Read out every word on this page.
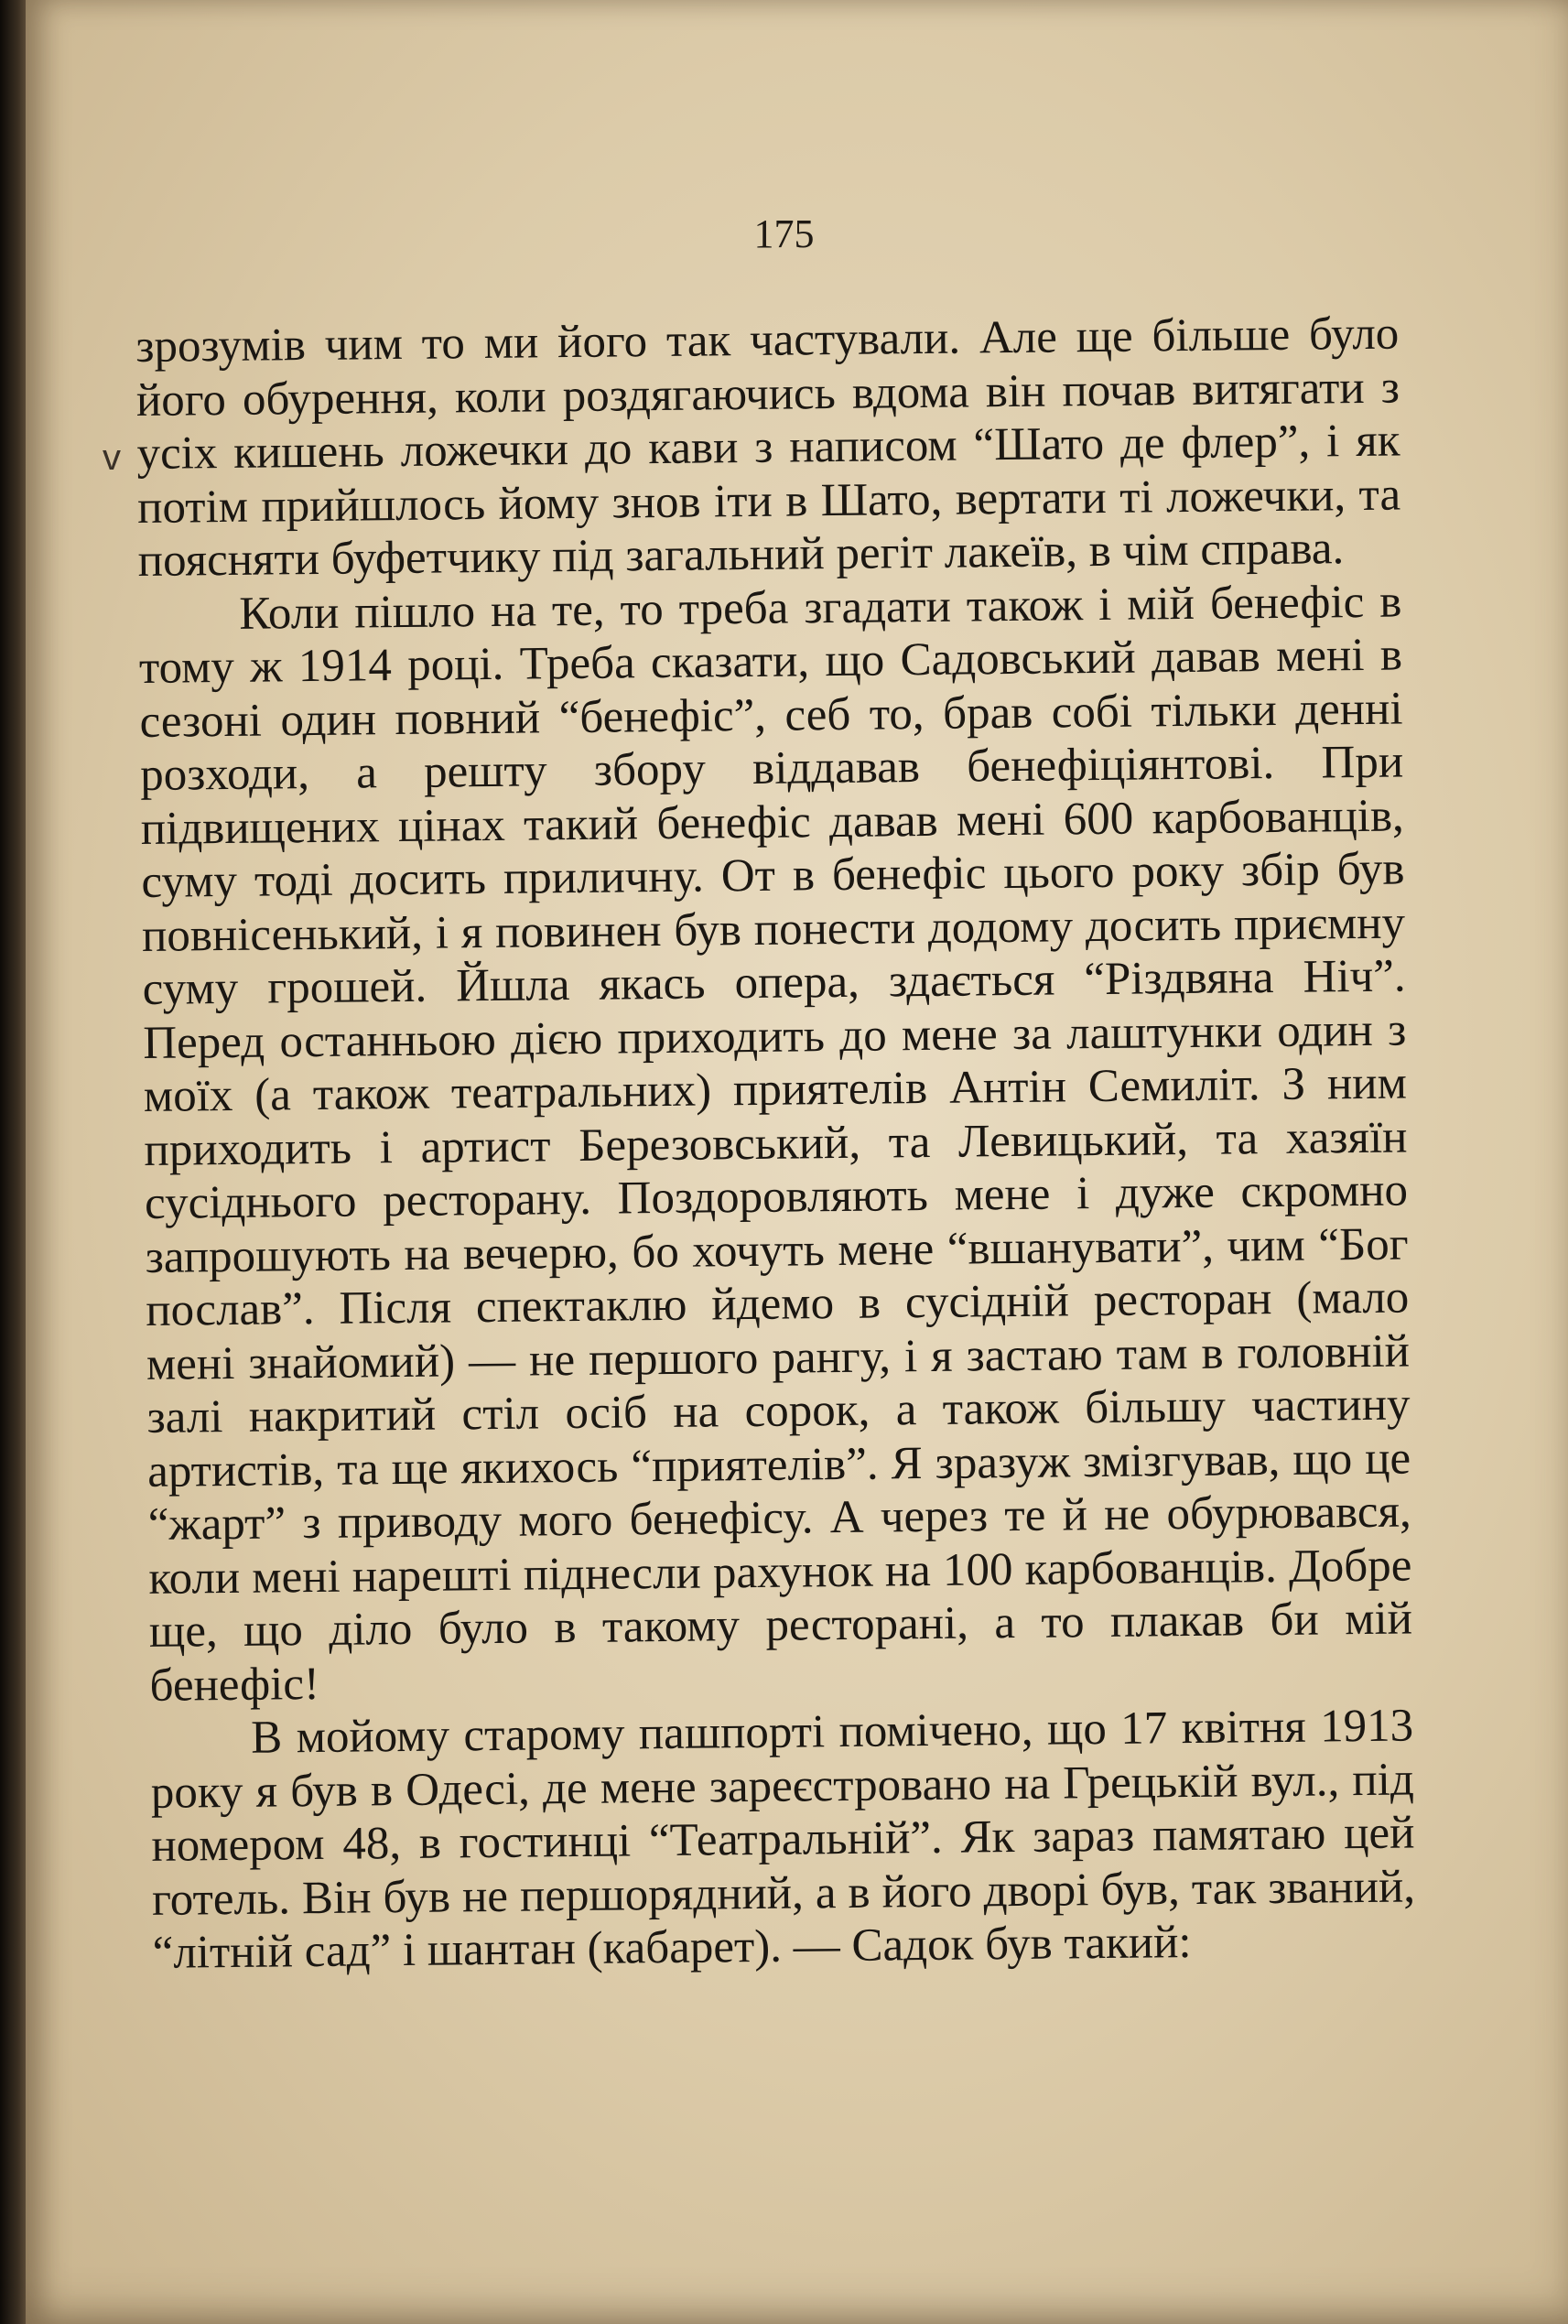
175
v

зрозумів чим то ми його так частували. Але ще більше було його обурення, коли роздягаючись вдома він почав витягати з усіх кишень ложечки до кави з написом “Шато де флер”, і як потім прийшлось йому знов іти в Шато, вертати ті ложечки, та поясняти буфетчику під загальний регіт лакеїв, в чім справа.

Коли пішло на те, то треба згадати також і мій бенефіс в тому ж 1914 році. Треба сказати, що Садовський давав мені в сезоні один повний “бенефіс”, себ то, брав собі тільки денні розходи, а решту збору віддавав бенефіціянтові. При підвищених цінах такий бенефіс давав мені 600 карбованців, суму тоді досить приличну. От в бенефіс цього року збір був повнісенький, і я повинен був понести додому досить приємну суму грошей. Йшла якась опера, здається “Різдвяна Ніч”. Перед останньою дією приходить до мене за лаштунки один з моїх (а також театральних) приятелів Антін Семиліт. З ним приходить і артист Березовський, та Левицький, та хазяїн сусіднього ресторану. Поздоровляють мене і дуже скромно запрошують на вечерю, бо хочуть мене “вшанувати”, чим “Бог послав”. Після спектаклю йдемо в сусідній ресторан (мало мені знайомий) — не першого рангу, і я застаю там в головній залі накритий стіл осіб на сорок, а також більшу частину артистів, та ще якихось “приятелів”. Я зразуж змізгував, що це “жарт” з приводу мого бенефісу. А через те й не обурювався, коли мені нарешті піднесли рахунок на 100 карбованців. Добре ще, що діло було в такому ресторані, а то плакав би мій бенефіс!

В мойому старому пашпорті помічено, що 17 квітня 1913 року я був в Одесі, де мене зареєстровано на Грецькій вул., під номером 48, в гостинці “Театральній”. Як зараз памятаю цей готель. Він був не першорядний, а в його дворі був, так званий, “літній сад” і шантан (кабарет). — Садок був такий:
